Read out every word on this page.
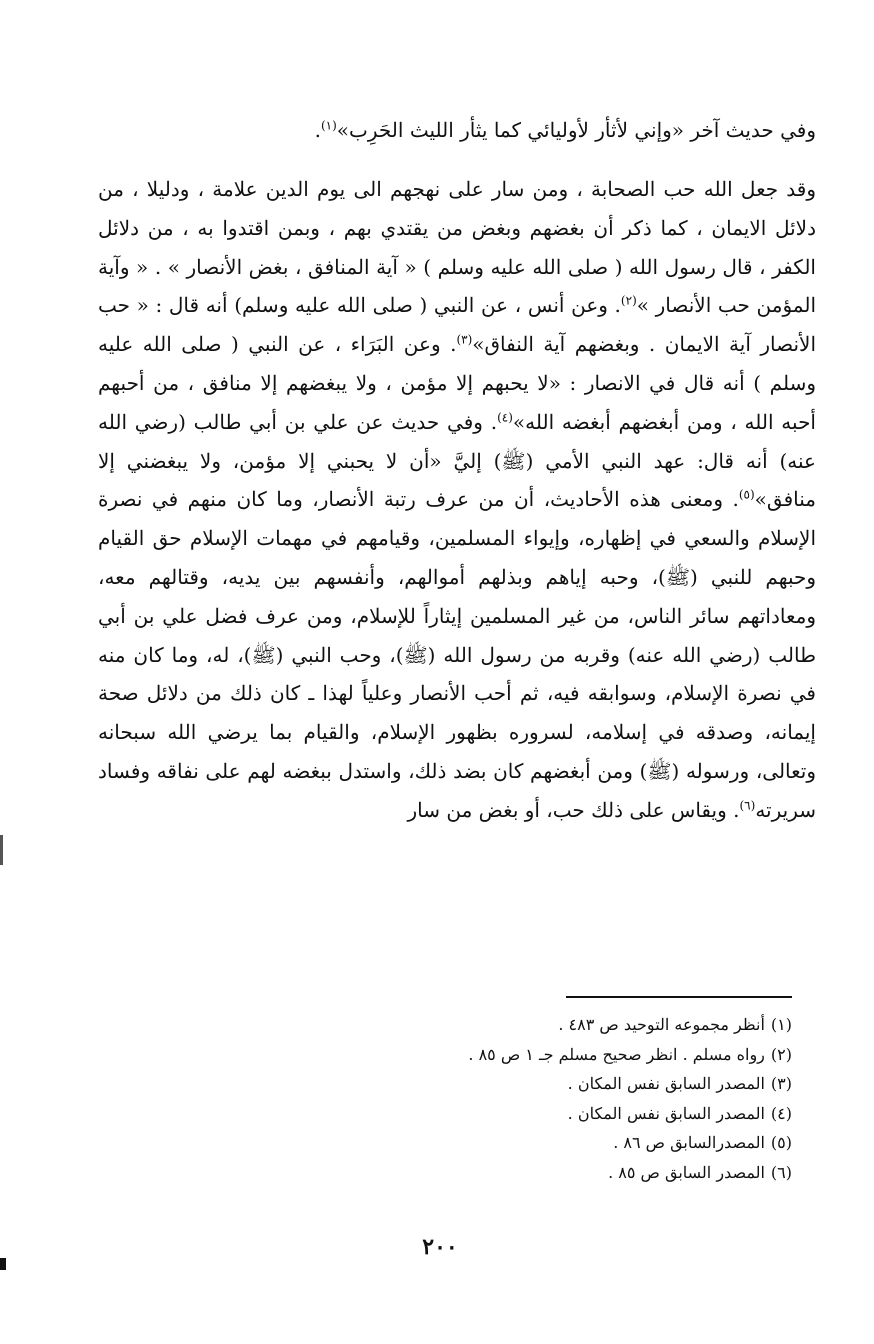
وفي حديث آخر «وإني لأثأر لأوليائي كما يثأر الليث الحَرِب»$^{(١)}$.

وقد جعل الله حب الصحابة ، ومن سار على نهجهم الى يوم الدين علامة ، ودليلا ، من دلائل الايمان ، كما ذكر أن بغضهم وبغض من يقتدي بهم ، وبمن اقتدوا به ، من دلائل الكفر ، قال رسول الله ( صلى الله عليه وسلم ) « آية المنافق ، بغض الأنصار » . « وآية المؤمن حب الأنصار »$^{(٢)}$. وعن أنس ، عن النبي ( صلى الله عليه وسلم) أنه قال : « حب الأنصار آية الايمان . وبغضهم آية النفاق»$^{(٣)}$. وعن البَرَاء ، عن النبي ( صلى الله عليه وسلم ) أنه قال في الانصار : «لا يحبهم إلا مؤمن ، ولا يبغضهم إلا منافق ، من أحبهم أحبه الله ، ومن أبغضهم أبغضه الله»$^{(٤)}$. وفي حديث عن علي بن أبي طالب (رضي الله عنه) أنه قال: عهد النبي الأمي (ﷺ) إليَّ «أن لا يحبني إلا مؤمن، ولا يبغضني إلا منافق»$^{(٥)}$. ومعنى هذه الأحاديث، أن من عرف رتبة الأنصار، وما كان منهم في نصرة الإسلام والسعي في إظهاره، وإيواء المسلمين، وقيامهم في مهمات الإسلام حق القيام وحبهم للنبي (ﷺ)، وحبه إياهم وبذلهم أموالهم، وأنفسهم بين يديه، وقتالهم معه، ومعاداتهم سائر الناس، من غير المسلمين إيثاراً للإسلام، ومن عرف فضل علي بن أبي طالب (رضي الله عنه) وقربه من رسول الله (ﷺ)، وحب النبي (ﷺ)، له، وما كان منه في نصرة الإسلام، وسوابقه فيه، ثم أحب الأنصار وعلياً لهذا ـ كان ذلك من دلائل صحة إيمانه، وصدقه في إسلامه، لسروره بظهور الإسلام، والقيام بما يرضي الله سبحانه وتعالى، ورسوله (ﷺ) ومن أبغضهم كان بضد ذلك، واستدل ببغضه لهم على نفاقه وفساد سريرته$^{(٦)}$. ويقاس على ذلك حب، أو بغض من سار

(١)أنظر مجموعه التوحيد ص ٤٨٣ .
(٢)رواه مسلم . انظر صحيح مسلم جـ ١ ص ٨٥ .
(٣)المصدر السابق نفس المكان .
(٤)المصدر السابق نفس المكان .
(٥)المصدرالسابق ص ٨٦ .
(٦)المصدر السابق ص ٨٥ .
٢٠٠
